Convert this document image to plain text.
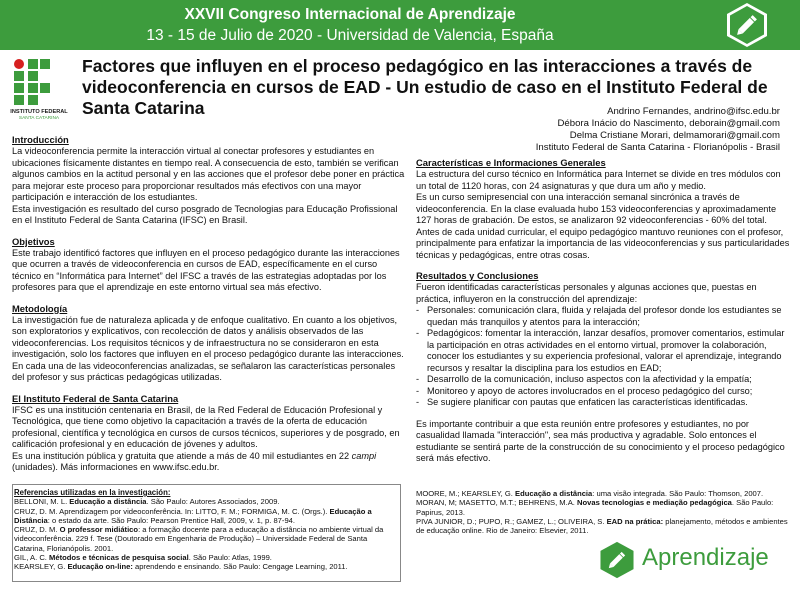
XXVII Congreso Internacional de Aprendizaje
13 - 15 de Julio de 2020 - Universidad de Valencia, España
INSTITUTO FEDERAL
SANTA CATARINA
Factores que influyen en el proceso pedagógico en las interacciones a través de videoconferencia en cursos de EAD - Un estudio de caso en el Instituto Federal de Santa Catarina	Andrino Fernandes, andrino@ifsc.edu.br
Débora Inácio do Nascimento, deborain@gmail.com
Delma Cristiane Morari, delmamorari@gmail.com
Instituto Federal de Santa Catarina - Florianópolis - Brasil
Introducción

La videoconferencia permite la interacción virtual al conectar profesores y estudiantes en ubicaciones físicamente distantes en tiempo real. A consecuencia de esto, también se verifican algunos cambios en la actitud personal y en las acciones que el profesor debe poner en práctica para mejorar este proceso para proporcionar resultados más efectivos con una mayor participación e interacción de los estudiantes.

Esta investigación es resultado del curso posgrado de Tecnologias para Educação Profissional en el Instituto Federal de Santa Catarina (IFSC) en Brasil.

Objetivos

Este trabajo identificó factores que influyen en el proceso pedagógico durante las interacciones que ocurren a través de videoconferencia en cursos de EAD, específicamente en el curso técnico en “Informática para Internet” del IFSC a través de las estrategias adoptadas por los profesores para que el aprendizaje en este entorno virtual sea más efectivo.

Metodología

La investigación fue de naturaleza aplicada y de enfoque cualitativo. En cuanto a los objetivos, son exploratorios y explicativos, con recolección de datos y análisis observados de las videoconferencias. Los requisitos técnicos y de infraestructura no se consideraron en esta investigación, solo los factores que influyen en el proceso pedagógico durante las interacciones. En cada una de las videoconferencias analizadas, se señalaron las características personales del profesor y sus prácticas pedagógicas utilizadas.

El Instituto Federal de Santa Catarina

IFSC es una institución centenaria en Brasil, de la Red Federal de Educación Profesional y Tecnológica, que tiene como objetivo la capacitación a través de la oferta de educación profesional, científica y tecnológica en cursos de cursos técnicos, superiores y de posgrado, en calificación profesional y en educación de jóvenes y adultos.

Es una institución pública y gratuita que atiende a más de 40 mil estudiantes en 22 campi (unidades). Más informaciones en www.ifsc.edu.br.

Características e Informaciones Generales

La estructura del curso técnico en Informática para Internet se divide en tres módulos con un total de 1120 horas, con 24 asignaturas y que dura um año y medio.

Es un curso semipresencial con una interacción semanal sincrónica a través de videoconferencia. En la clase evaluada hubo 153 videoconferencias y aproximadamente 127 horas de grabación. De estos, se analizaron 92 videoconferencias - 60% del total.

Antes de cada unidad curricular, el equipo pedagógico mantuvo reuniones con el profesor, principalmente para enfatizar la importancia de las videoconferencias y sus particularidades técnicas y pedagógicas, entre otras cosas.

Resultados y Conclusiones

Fueron identificadas características personales y algunas acciones que, puestas en práctica, influyeron en la construcción del aprendizaje:

- Personales: comunicación clara, fluida y relajada del profesor donde los estudiantes se quedan más tranquilos y atentos para la interacción;
- Pedagógicos: fomentar la interacción, lanzar desafíos, promover comentarios, estimular la participación en otras actividades en el entorno virtual, promover la colaboración, conocer los estudiantes y su experiencia profesional, valorar el aprendizaje, integrando recursos y resaltar la disciplina para los estudios en EAD;
- Desarrollo de la comunicación, incluso aspectos con la afectividad y la empatía;
- Monitoreo y apoyo de actores involucrados en el proceso pedagógico del curso;
- Se sugiere planificar con pautas que enfaticen las características identificadas.

Es importante contribuir a que esta reunión entre profesores y estudiantes, no por casualidad llamada "interacción", sea más productiva y agradable. Solo entonces el estudiante se sentirá parte de la construcción de su conocimiento y el proceso pedagógico será más efectivo.

Referencias utilizadas en la investigación:

BELLONI, M. L. Educação a distância. São Paulo: Autores Associados, 2009.

CRUZ, D. M. Aprendizagem por videoconferência. In: LITTO, F. M.; FORMIGA, M. C. (Orgs.). Educação a Distância: o estado da arte. São Paulo: Pearson Prentice Hall, 2009, v. 1, p. 87-94.

CRUZ, D. M. O professor midiático: a formação docente para a educação a distância no ambiente virtual da videoconferência. 229 f. Tese (Doutorado em Engenharia de Produção) – Universidade Federal de Santa Catarina, Florianópolis. 2001.

GIL, A. C. Métodos e técnicas de pesquisa social. São Paulo: Atlas, 1999.

KEARSLEY, G. Educação on-line: aprendendo e ensinando. São Paulo: Cengage Learning, 2011.

MOORE, M.; KEARSLEY, G. Educação a distância: uma visão integrada. São Paulo: Thomson, 2007.

MORAN, M; MASETTO, M.T.; BEHRENS, M.A. Novas tecnologias e mediação pedagógica. São Paulo: Papirus, 2013.

PIVA JUNIOR, D.; PUPO, R.; GAMEZ, L.; OLIVEIRA, S. EAD na prática: planejamento, métodos e ambientes de educação online. Rio de Janeiro: Elsevier, 2011.

Aprendizaje
